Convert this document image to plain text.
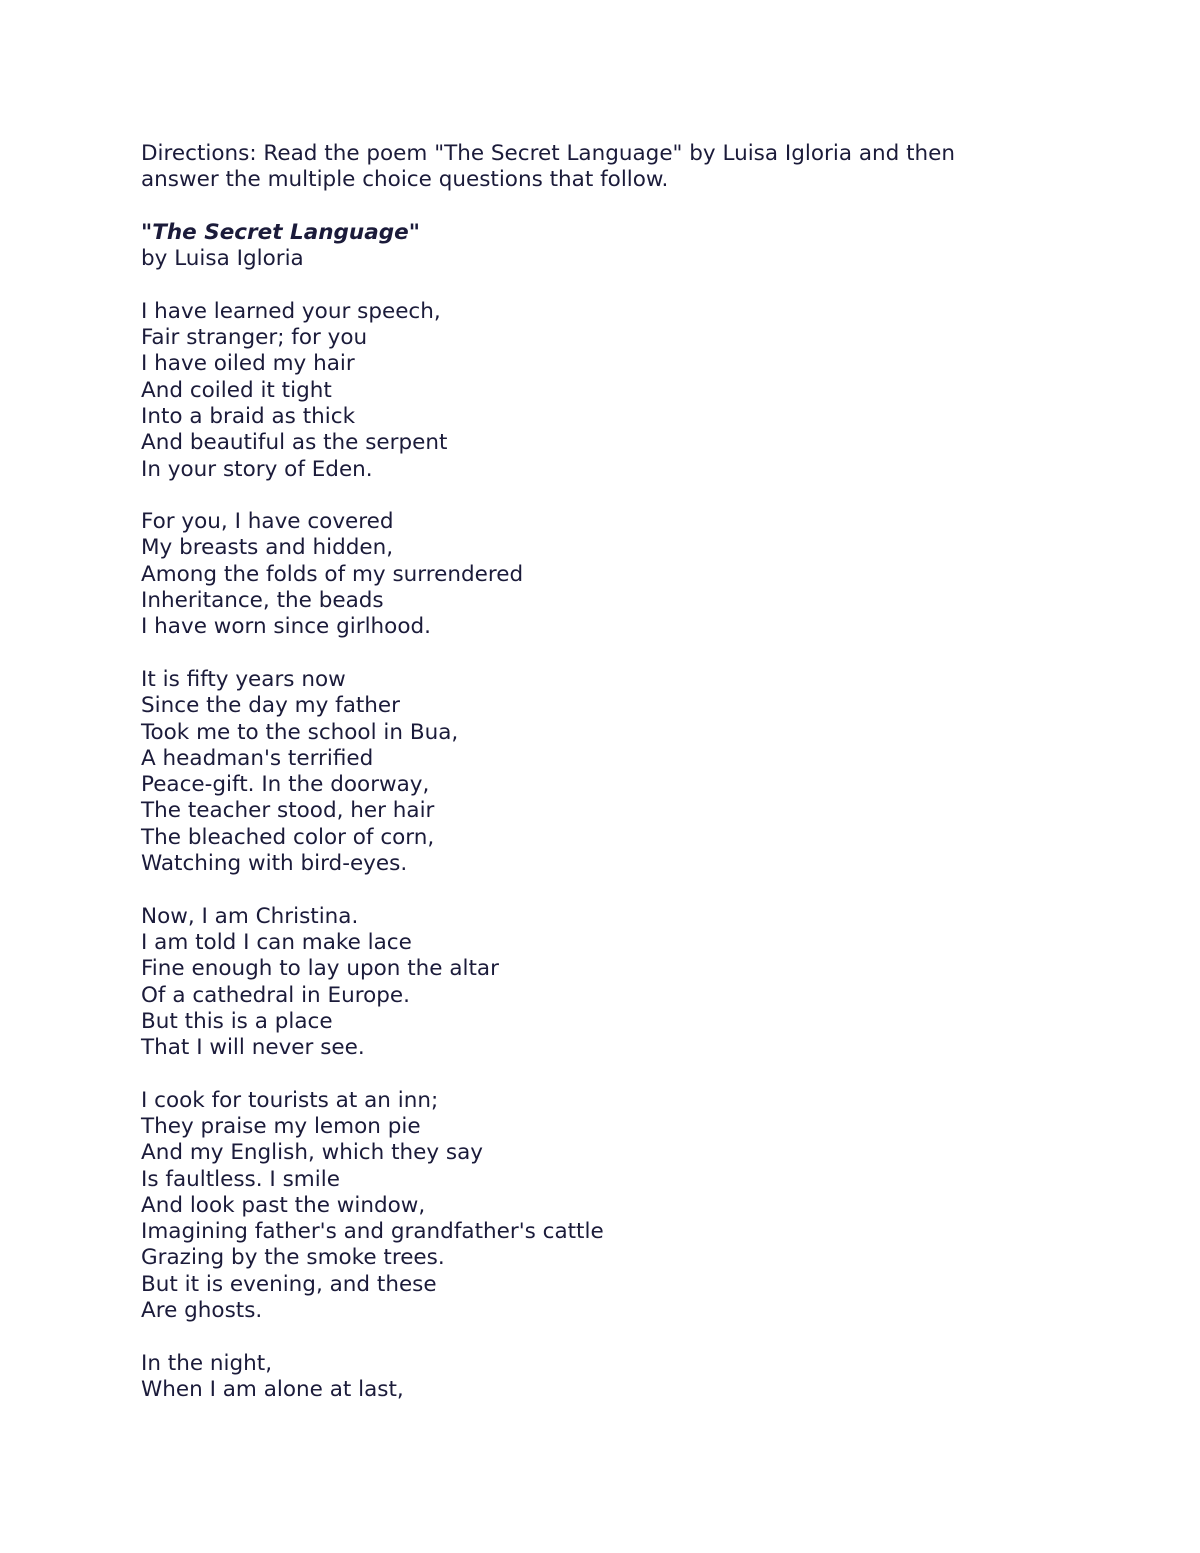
Directions: Read the poem "The Secret Language" by Luisa Igloria and then
answer the multiple choice questions that follow.
"The Secret Language"
by Luisa Igloria
I have learned your speech,
Fair stranger; for you
I have oiled my hair
And coiled it tight
Into a braid as thick
And beautiful as the serpent
In your story of Eden.
For you, I have covered
My breasts and hidden,
Among the folds of my surrendered
Inheritance, the beads
I have worn since girlhood.
It is fifty years now
Since the day my father
Took me to the school in Bua,
A headman's terrified
Peace-gift. In the doorway,
The teacher stood, her hair
The bleached color of corn,
Watching with bird-eyes.
Now, I am Christina.
I am told I can make lace
Fine enough to lay upon the altar
Of a cathedral in Europe.
But this is a place
That I will never see.
I cook for tourists at an inn;
They praise my lemon pie
And my English, which they say
Is faultless. I smile
And look past the window,
Imagining father's and grandfather's cattle
Grazing by the smoke trees.
But it is evening, and these
Are ghosts.
In the night,
When I am alone at last,
